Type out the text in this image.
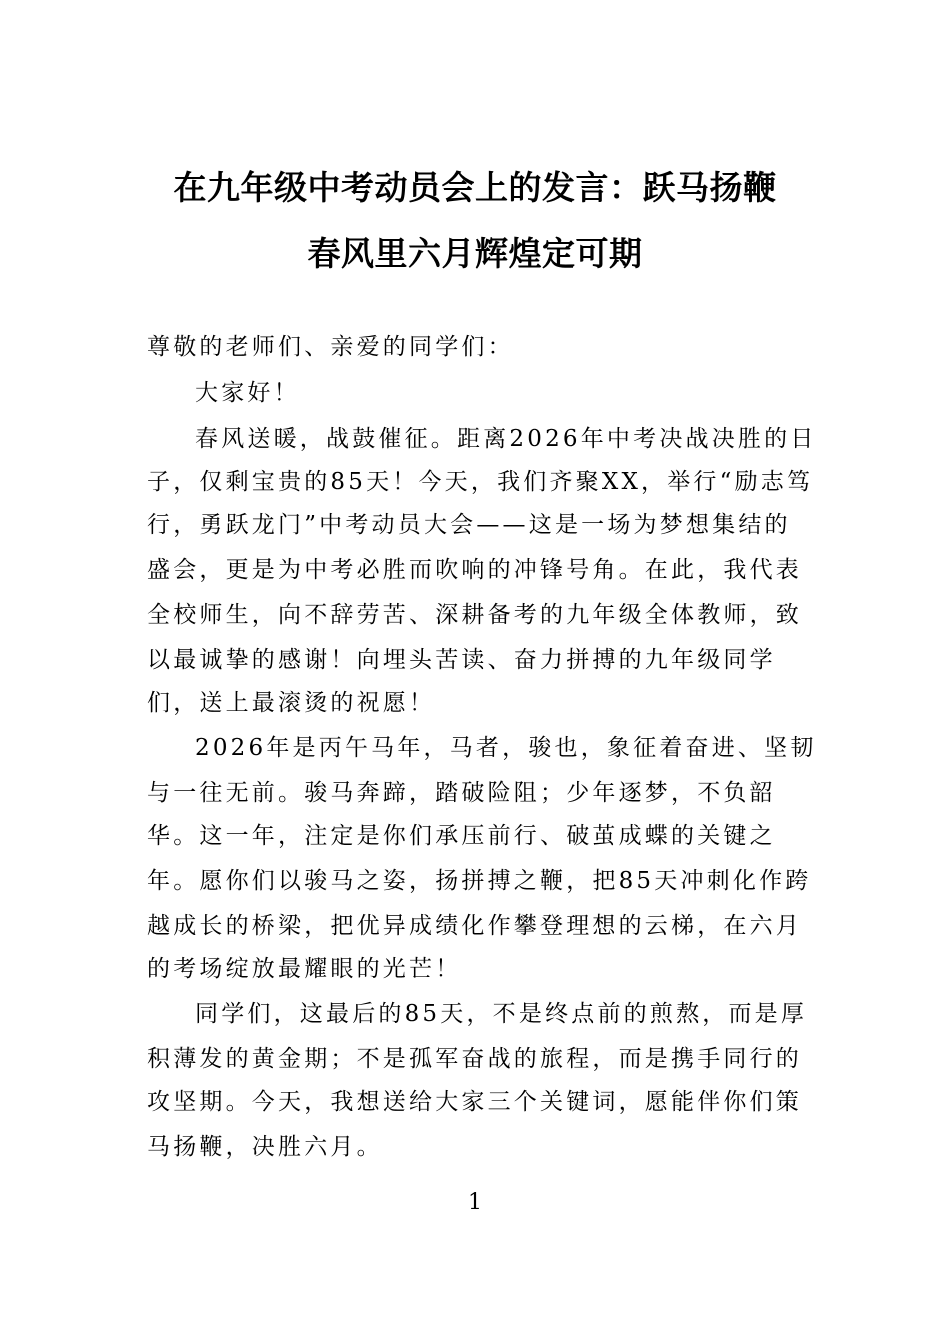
在九年级中考动员会上的发言：跃马扬鞭
春风里六月辉煌定可期
尊敬的老师们、亲爱的同学们：
大家好！
春风送暖，战鼓催征。距离2026年中考决战决胜的日
子，仅剩宝贵的85天！今天，我们齐聚XX，举行“励志笃
行，勇跃龙门”中考动员大会——这是一场为梦想集结的
盛会，更是为中考必胜而吹响的冲锋号角。在此，我代表
全校师生，向不辞劳苦、深耕备考的九年级全体教师，致
以最诚挚的感谢！向埋头苦读、奋力拼搏的九年级同学
们，送上最滚烫的祝愿！
2026年是丙午马年，马者，骏也，象征着奋进、坚韧
与一往无前。骏马奔蹄，踏破险阻；少年逐梦，不负韶
华。这一年，注定是你们承压前行、破茧成蝶的关键之
年。愿你们以骏马之姿，扬拼搏之鞭，把85天冲刺化作跨
越成长的桥梁，把优异成绩化作攀登理想的云梯，在六月
的考场绽放最耀眼的光芒！
同学们，这最后的85天，不是终点前的煎熬，而是厚
积薄发的黄金期；不是孤军奋战的旅程，而是携手同行的
攻坚期。今天，我想送给大家三个关键词，愿能伴你们策
马扬鞭，决胜六月。
1
